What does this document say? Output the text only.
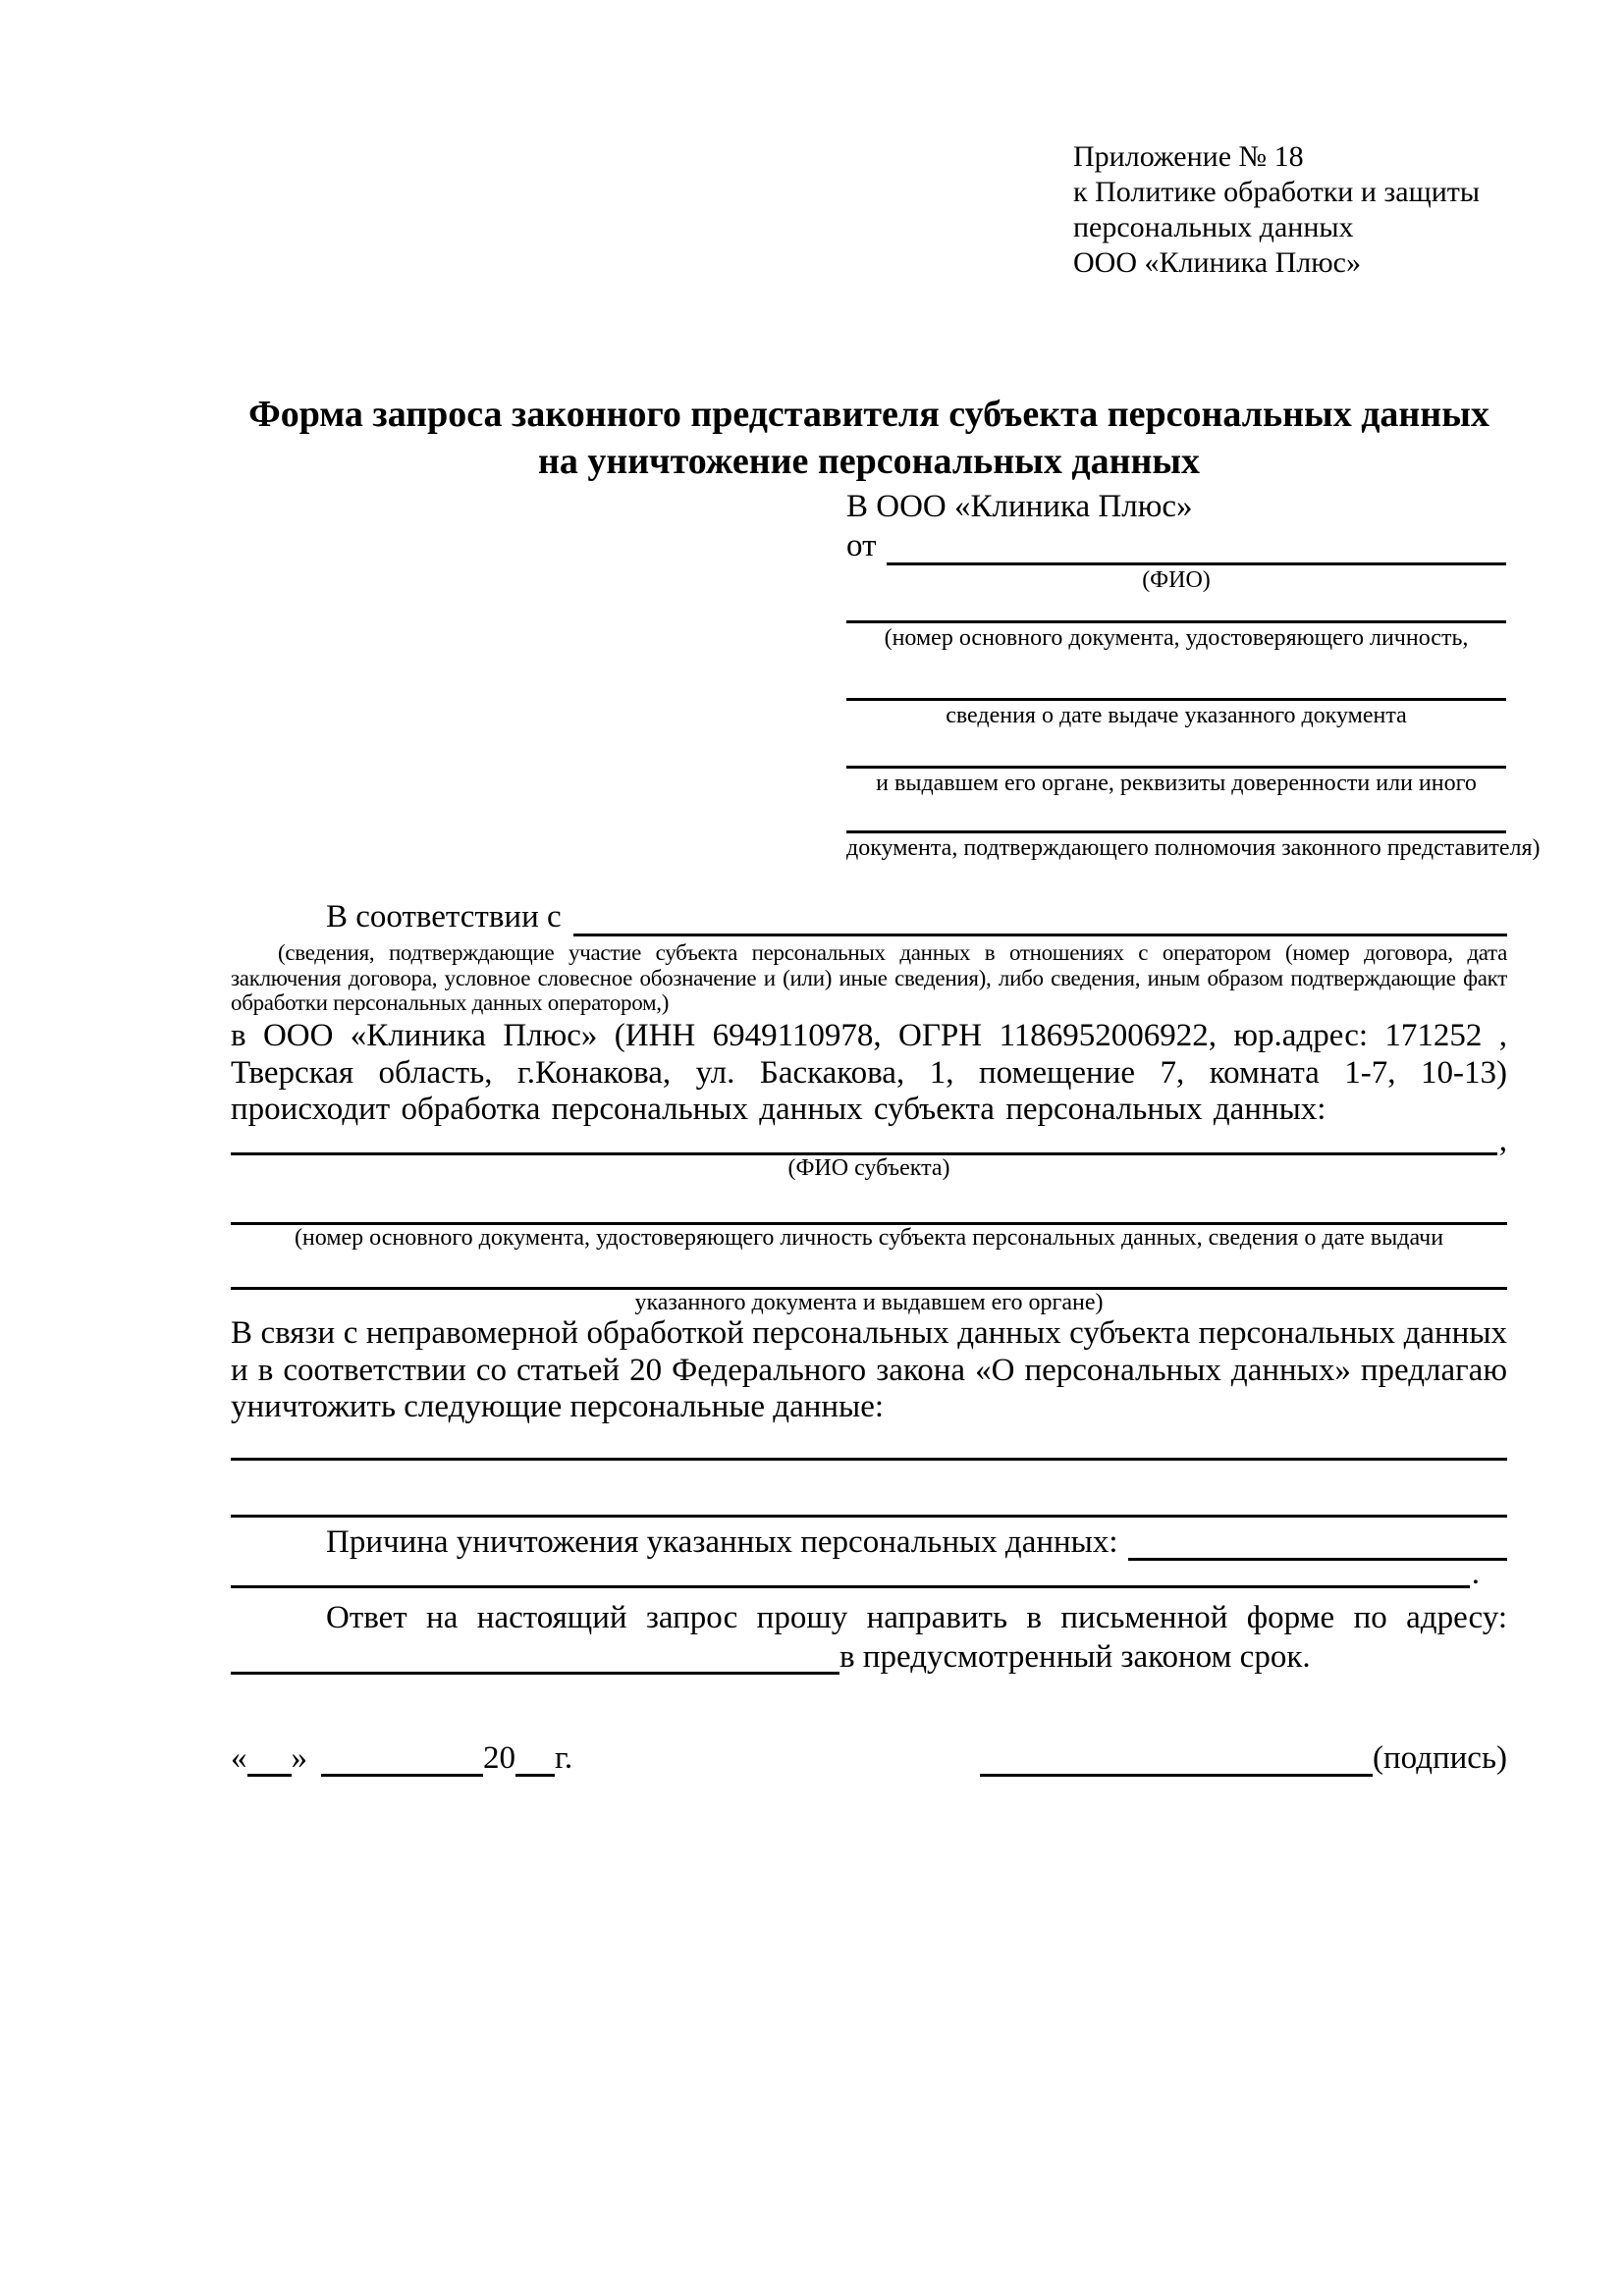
Приложение № 18
к Политике обработки и защиты
персональных данных
ООО «Клиника Плюс»
Форма запроса законного представителя субъекта персональных данных
на уничтожение персональных данных
В ООО «Клиника Плюс»
от
(ФИО)
(номер основного документа, удостоверяющего личность,
сведения о дате выдаче указанного документа
и выдавшем его органе, реквизиты доверенности или иного
документа, подтверждающего полномочия законного представителя)
В соответствии с
(сведения, подтверждающие участие субъекта персональных данных в отношениях с оператором (номер договора, дата заключения договора, условное словесное обозначение и (или) иные сведения), либо сведения, иным образом подтверждающие факт обработки персональных данных оператором,)
в ООО «Клиника Плюс» (ИНН 6949110978, ОГРН 1186952006922, юр.адрес: 171252 , Тверская область, г.Конакова, ул. Баскакова, 1, помещение 7, комната 1-7, 10-13) происходит обработка персональных данных субъекта персональных данных:
,
(ФИО субъекта)
(номер основного документа, удостоверяющего личность субъекта персональных данных, сведения о дате выдачи
указанного документа и выдавшем его органе)
В связи с неправомерной обработкой персональных данных субъекта персональных данных и в соответствии со статьей 20 Федерального закона «О персональных данных» предлагаю уничтожить следующие персональные данные:
Причина уничтожения указанных персональных данных:
.
Ответ на настоящий запрос прошу направить в письменной форме по адресу:
в предусмотренный законом срок.
« »	20 г.	(подпись)
